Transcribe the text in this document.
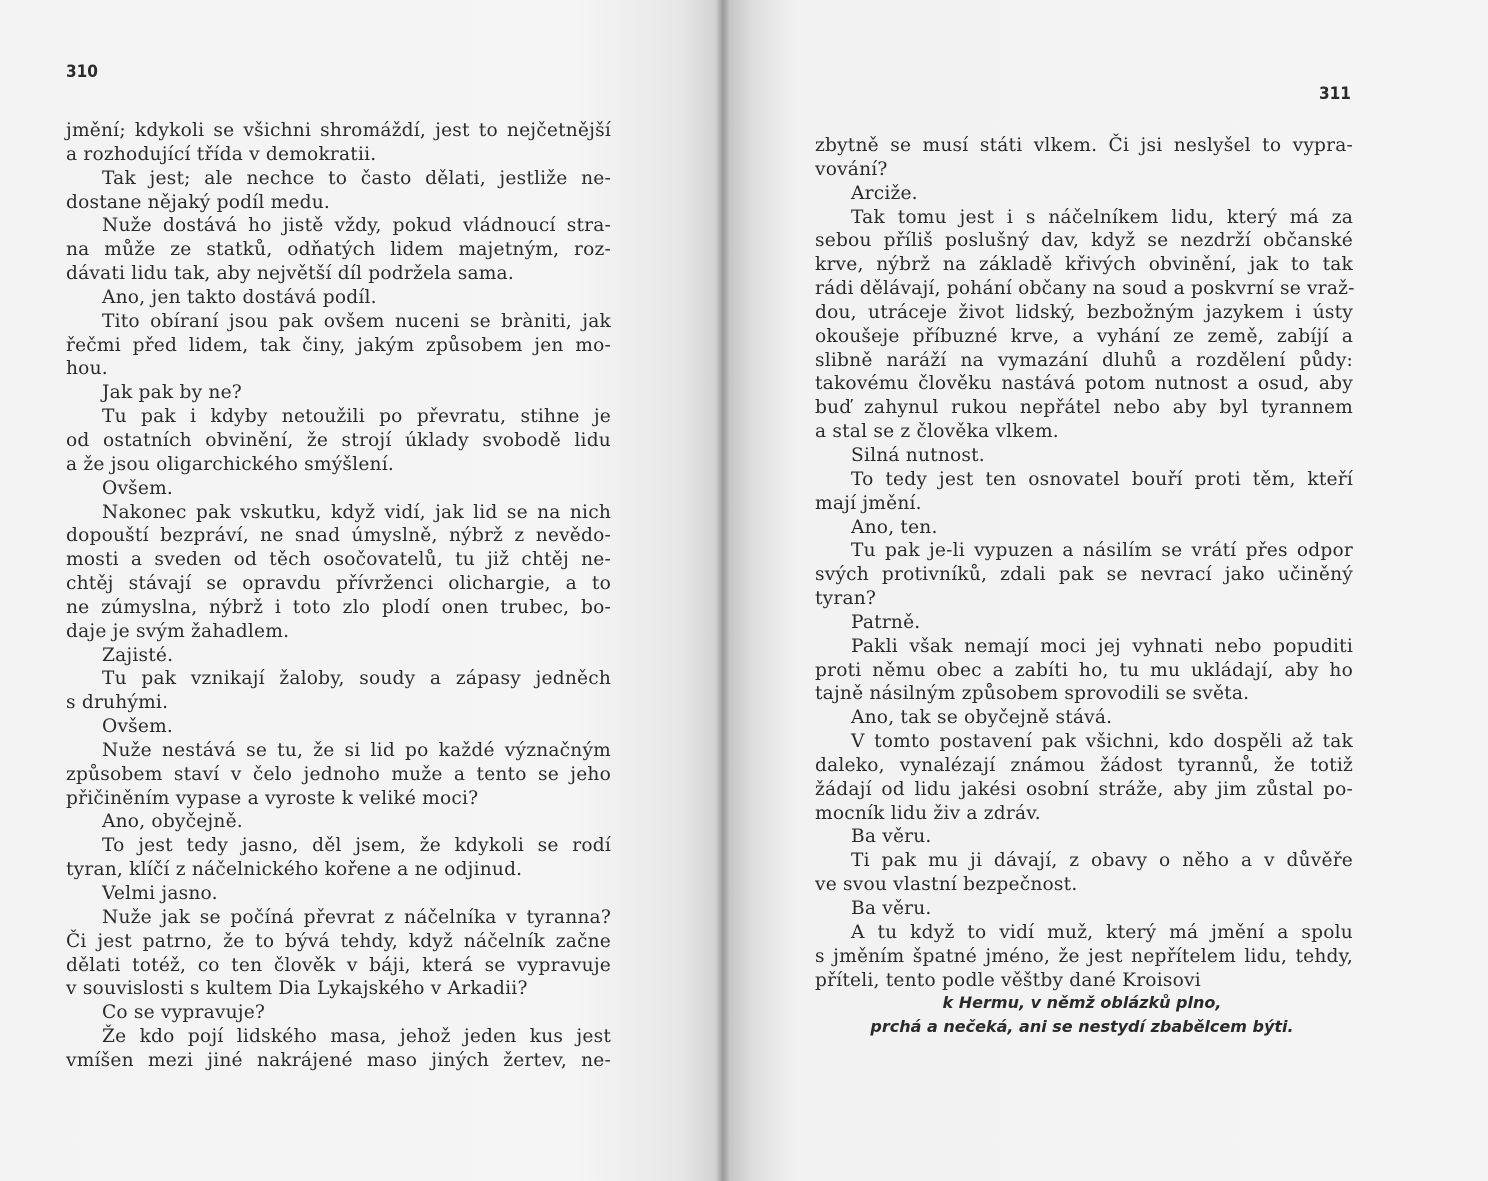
310
jmění; kdykoli se všichni shromáždí, jest to nejčetnější
a rozhodující třída v demokratii.
Tak jest; ale nechce to často dělati, jestliže ne-
dostane nějaký podíl medu.
Nuže dostává ho jistě vždy, pokud vládnoucí stra-
na může ze statků, odňatých lidem majetným, roz-
dávati lidu tak, aby největší díl podržela sama.
Ano, jen takto dostává podíl.
Tito obíraní jsou pak ovšem nuceni se bràniti, jak
řečmi před lidem, tak činy, jakým způsobem jen mo-
hou.
Jak pak by ne?
Tu pak i kdyby netoužili po převratu, stihne je
od ostatních obvinění, že strojí úklady svobodě lidu
a že jsou oligarchického smýšlení.
Ovšem.
Nakonec pak vskutku, když vidí, jak lid se na nich
dopouští bezpráví, ne snad úmyslně, nýbrž z nevědo-
mosti a sveden od těch osočovatelů, tu již chtěj ne-
chtěj stávají se opravdu přívrženci olichargie, a to
ne zúmyslna, nýbrž i toto zlo plodí onen trubec, bo-
daje je svým žahadlem.
Zajisté.
Tu pak vznikají žaloby, soudy a zápasy jedněch
s druhými.
Ovšem.
Nuže nestává se tu, že si lid po každé význačným
způsobem staví v čelo jednoho muže a tento se jeho
přičiněním vypase a vyroste k veliké moci?
Ano, obyčejně.
To jest tedy jasno, děl jsem, že kdykoli se rodí
tyran, klíčí z náčelnického kořene a ne odjinud.
Velmi jasno.
Nuže jak se počíná převrat z náčelníka v tyranna?
Či jest patrno, že to bývá tehdy, když náčelník začne
dělati totéž, co ten člověk v báji, která se vypravuje
v souvislosti s kultem Dia Lykajského v Arkadii?
Co se vypravuje?
Že kdo pojí lidského masa, jehož jeden kus jest
vmíšen mezi jiné nakrájené maso jiných žertev, ne-
311
zbytně se musí státi vlkem. Či jsi neslyšel to vypra-
vování?
Arciže.
Tak tomu jest i s náčelníkem lidu, který má za
sebou příliš poslušný dav, když se nezdrží občanské
krve, nýbrž na základě křivých obvinění, jak to tak
rádi dělávají, pohání občany na soud a poskvrní se vraž-
dou, utráceje život lidský, bezbožným jazykem i ústy
okoušeje příbuzné krve, a vyhání ze země, zabíjí a
slibně naráží na vymazání dluhů a rozdělení půdy:
takovému člověku nastává potom nutnost a osud, aby
buď zahynul rukou nepřátel nebo aby byl tyrannem
a stal se z člověka vlkem.
Silná nutnost.
To tedy jest ten osnovatel bouří proti těm, kteří
mají jmění.
Ano, ten.
Tu pak je-li vypuzen a násilím se vrátí přes odpor
svých protivníků, zdali pak se nevrací jako učiněný
tyran?
Patrně.
Pakli však nemají moci jej vyhnati nebo popuditi
proti němu obec a zabíti ho, tu mu ukládají, aby ho
tajně násilným způsobem sprovodili se světa.
Ano, tak se obyčejně stává.
V tomto postavení pak všichni, kdo dospěli až tak
daleko, vynalézají známou žádost tyrannů, že totiž
žádají od lidu jakési osobní stráže, aby jim zůstal po-
mocník lidu živ a zdráv.
Ba věru.
Ti pak mu ji dávají, z obavy o něho a v důvěře
ve svou vlastní bezpečnost.
Ba věru.
A tu když to vidí muž, který má jmění a spolu
s jměním špatné jméno, že jest nepřítelem lidu, tehdy,
příteli, tento podle věštby dané Kroisovi
k Hermu, v němž oblázků plno,
prchá a nečeká, ani se nestydí zbabělcem býti.
